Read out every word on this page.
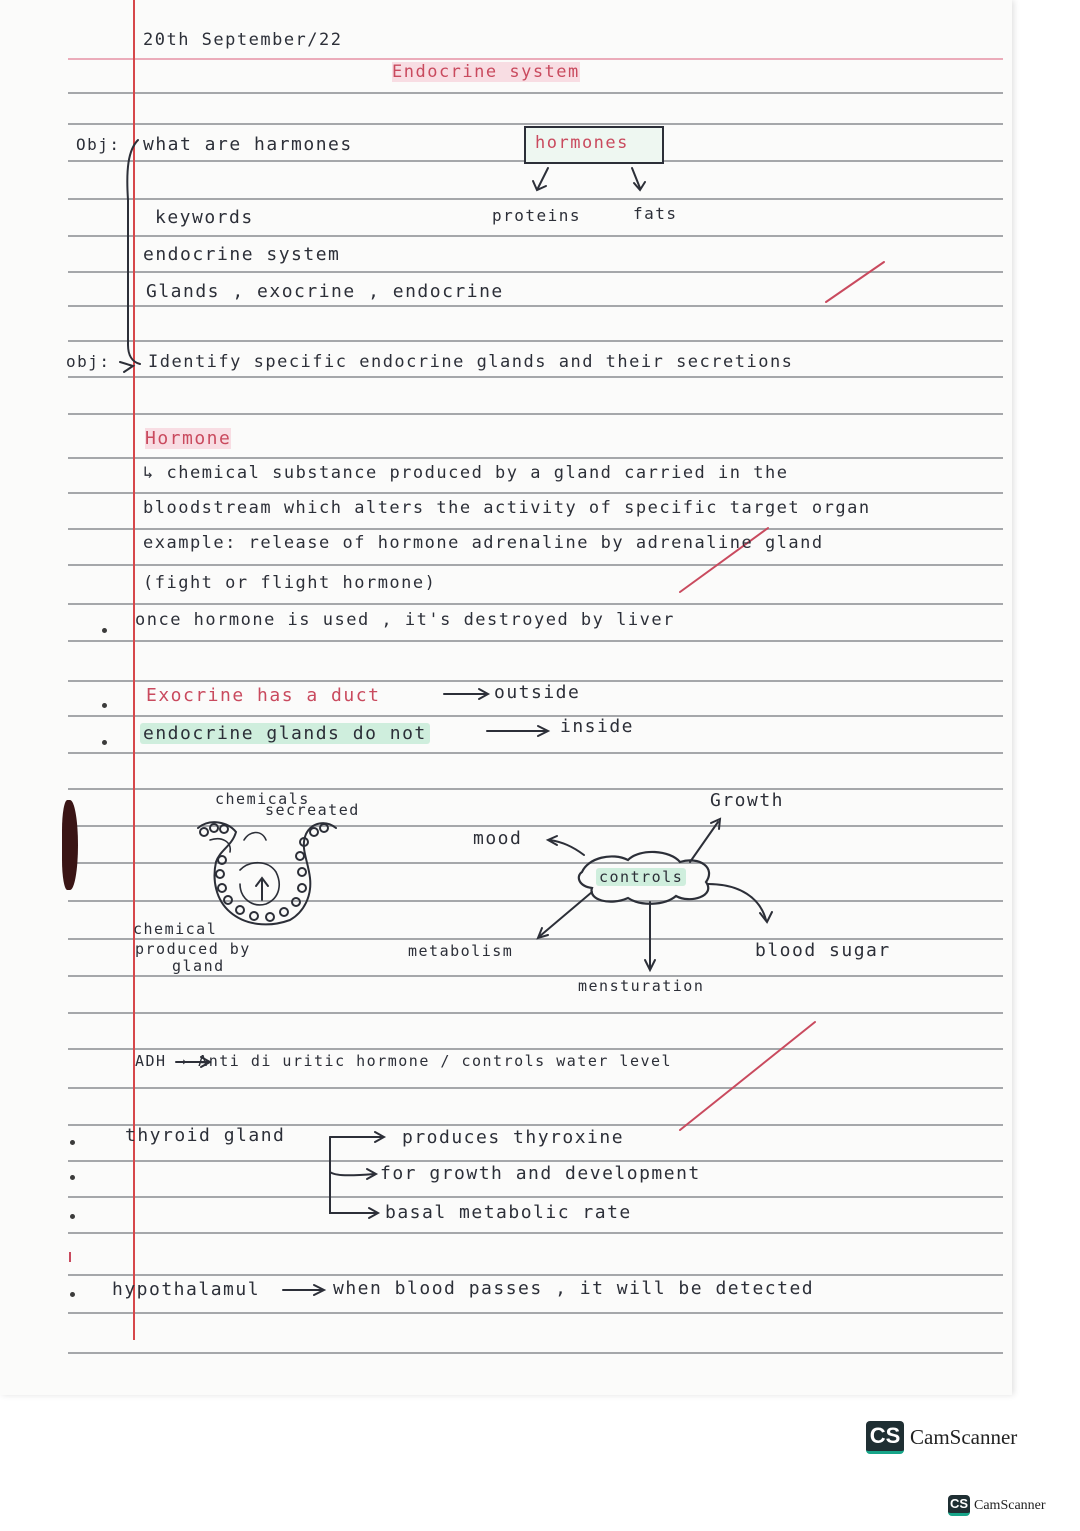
20th September/22
Endocrine system
Obj: what are harmones
obj: Identify specific endocrine glands and their secretions
hormones
proteins	fats
keywords
endocrine system
Glands , exocrine , endocrine
Hormone
↳ chemical substance produced by a gland carried in the
bloodstream which alters the activity of specific target organ
example: release of hormone adrenaline by adrenaline gland
(fight or flight hormone)
once hormone is used , it's destroyed by liver
Exocrine has a duct	outside
endocrine glands do not	inside
chemicals
secreated
chemical
produced by
gland
controls
mood
Growth
metabolism
mensturation
blood sugar
ADH → Anti di uritic hormone / controls water level
thyroid gland	produces thyroxine
for growth and development
basal metabolic rate
hypothalamul	when blood passes , it will be detected
CS CamScanner
CS CamScanner
